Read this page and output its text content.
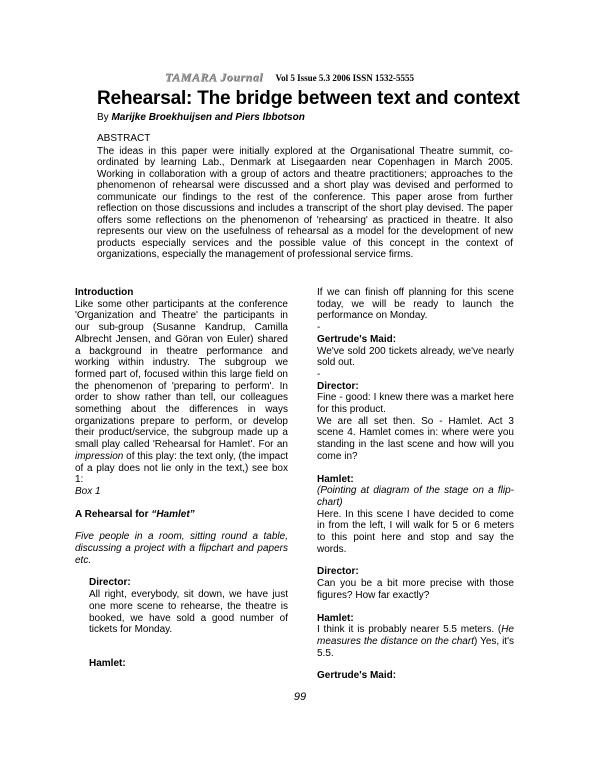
TAMARA Journal Vol 5 Issue 5.3 2006 ISSN 1532-5555
Rehearsal: The bridge between text and context
By Marijke Broekhuijsen and Piers Ibbotson

ABSTRACT

The ideas in this paper were initially explored at the Organisational Theatre summit, co-ordinated by learning Lab., Denmark at Lisegaarden near Copenhagen in March 2005. Working in collaboration with a group of actors and theatre practitioners; approaches to the phenomenon of rehearsal were discussed and a short play was devised and performed to communicate our findings to the rest of the conference. This paper arose from further reflection on those discussions and includes a transcript of the short play devised. The paper offers some reflections on the phenomenon of 'rehearsing' as practiced in theatre. It also represents our view on the usefulness of rehearsal as a model for the development of new products especially services and the possible value of this concept in the context of organizations, especially the management of professional service firms.

Introduction

Like some other participants at the conference 'Organization and Theatre' the participants in our sub-group (Susanne Kandrup, Camilla Albrecht Jensen, and Göran von Euler) shared a background in theatre performance and working within industry. The subgroup we formed part of, focused within this large field on the phenomenon of 'preparing to perform'. In order to show rather than tell, our colleagues something about the differences in ways organizations prepare to perform, or develop their product/service, the subgroup made up a small play called 'Rehearsal for Hamlet'. For an impression of this play: the text only, (the impact of a play does not lie only in the text,) see box 1:

Box 1

A Rehearsal for “Hamlet”

Five people in a room, sitting round a table, discussing a project with a flipchart and papers etc.

Director:

All right, everybody, sit down, we have just one more scene to rehearse, the theatre is booked, we have sold a good number of tickets for Monday.

Hamlet:

If we can finish off planning for this scene today, we will be ready to launch the performance on Monday.

-

Gertrude's Maid:

We've sold 200 tickets already, we've nearly sold out.

-

Director:

Fine - good: I knew there was a market here for this product.

We are all set then. So - Hamlet. Act 3 scene 4. Hamlet comes in: where were you standing in the last scene and how will you come in?

Hamlet:

(Pointing at diagram of the stage on a flip-chart)

Here. In this scene I have decided to come in from the left, I will walk for 5 or 6 meters to this point here and stop and say the words.

Director:

Can you be a bit more precise with those figures? How far exactly?

Hamlet:

I think it is probably nearer 5.5 meters. (He measures the distance on the chart) Yes, it's 5.5.

Gertrude's Maid:

99
